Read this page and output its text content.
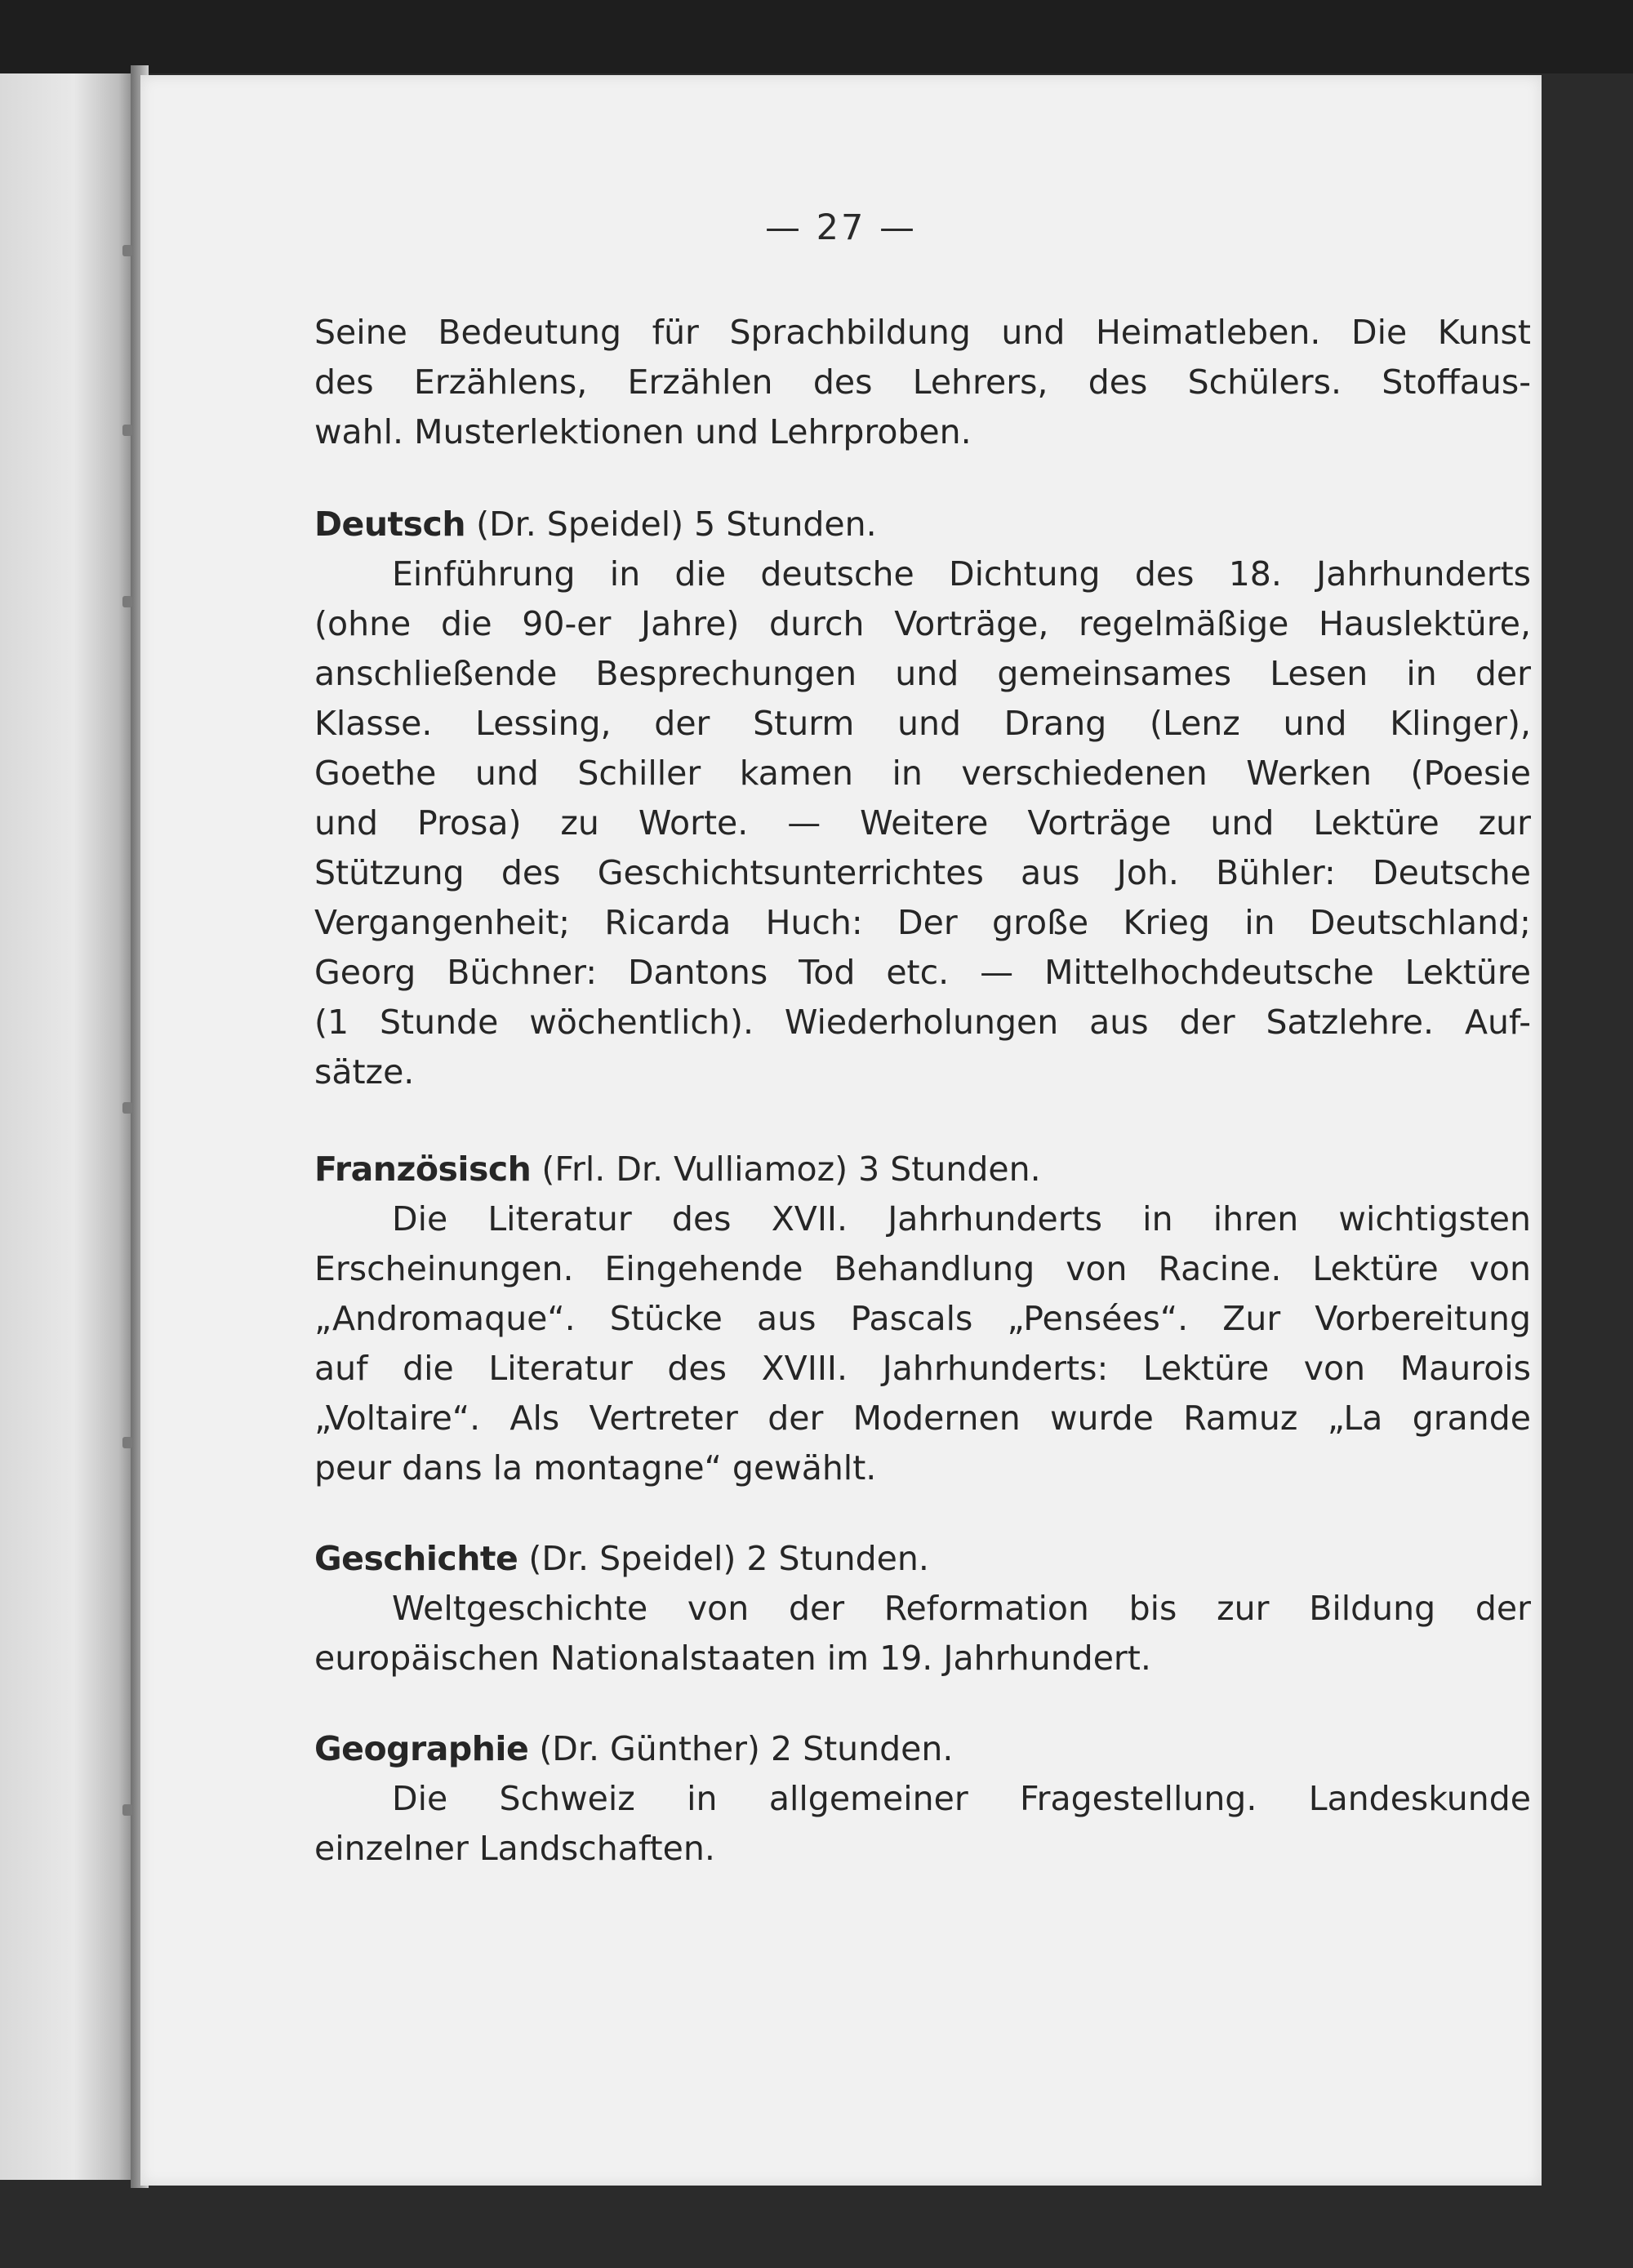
— 27 —

Seine Bedeutung für Sprachbildung und Heimatleben. Die Kunst

des Erzählens, Erzählen des Lehrers, des Schülers. Stoffaus-

wahl. Musterlektionen und Lehrproben.

Deutsch (Dr. Speidel) 5 Stunden.

Einführung in die deutsche Dichtung des 18. Jahrhunderts

(ohne die 90-er Jahre) durch Vorträge, regelmäßige Hauslektüre,

anschließende Besprechungen und gemeinsames Lesen in der

Klasse. Lessing, der Sturm und Drang (Lenz und Klinger),

Goethe und Schiller kamen in verschiedenen Werken (Poesie

und Prosa) zu Worte. — Weitere Vorträge und Lektüre zur

Stützung des Geschichtsunterrichtes aus Joh. Bühler: Deutsche

Vergangenheit; Ricarda Huch: Der große Krieg in Deutschland;

Georg Büchner: Dantons Tod etc. — Mittelhochdeutsche Lektüre

(1 Stunde wöchentlich). Wiederholungen aus der Satzlehre. Auf-

sätze.

Französisch (Frl. Dr. Vulliamoz) 3 Stunden.

Die Literatur des XVII. Jahrhunderts in ihren wichtigsten

Erscheinungen. Eingehende Behandlung von Racine. Lektüre von

„Andromaque“. Stücke aus Pascals „Pensées“. Zur Vorbereitung

auf die Literatur des XVIII. Jahrhunderts: Lektüre von Maurois

„Voltaire“. Als Vertreter der Modernen wurde Ramuz „La grande

peur dans la montagne“ gewählt.

Geschichte (Dr. Speidel) 2 Stunden.

Weltgeschichte von der Reformation bis zur Bildung der

europäischen Nationalstaaten im 19. Jahrhundert.

Geographie (Dr. Günther) 2 Stunden.

Die Schweiz in allgemeiner Fragestellung. Landeskunde

einzelner Landschaften.
